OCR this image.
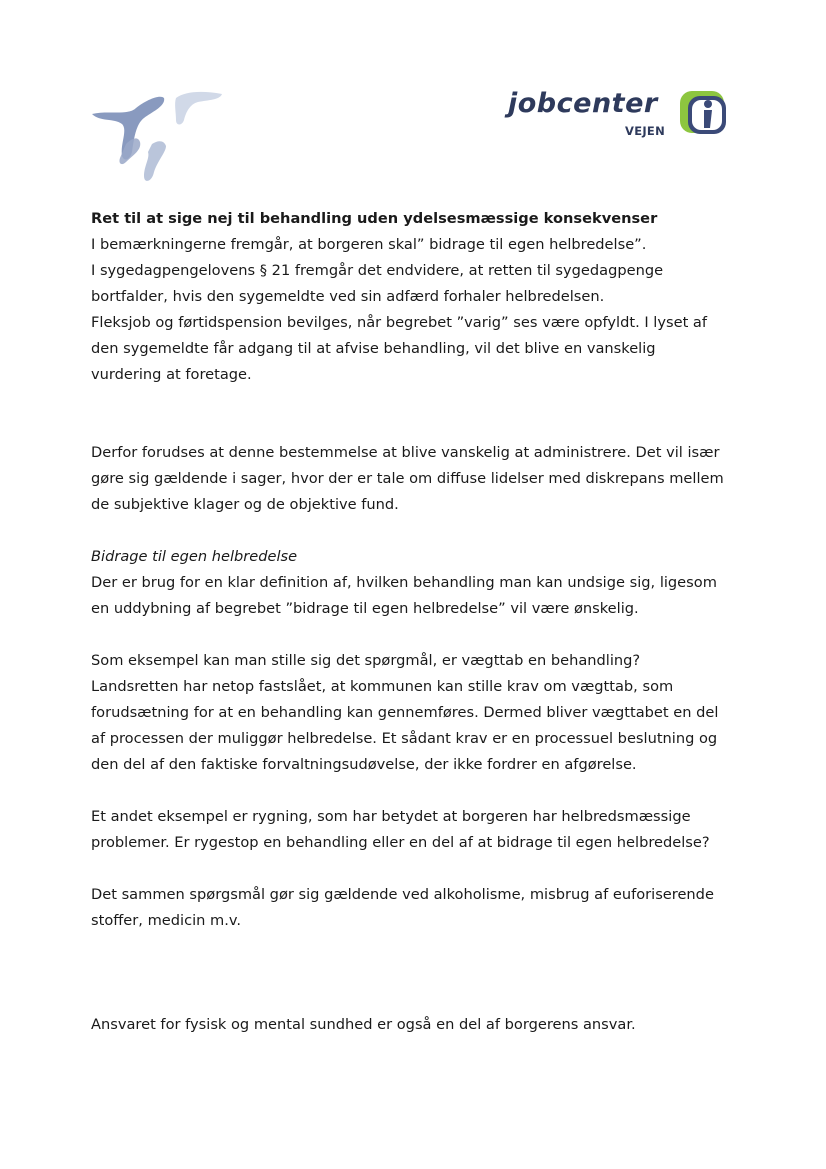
jobcenter
VEJEN
Ret til at sige nej til behandling uden ydelsesmæssige konsekvenser
I bemærkningerne fremgår, at borgeren skal” bidrage til egen helbredelse”.
I sygedagpengelovens § 21 fremgår det endvidere, at retten til sygedagpenge
bortfalder, hvis den sygemeldte ved sin adfærd forhaler helbredelsen.
Fleksjob og førtidspension bevilges, når begrebet ”varig” ses være opfyldt. I lyset af
den sygemeldte får adgang til at afvise behandling, vil det blive en vanskelig
vurdering at foretage.
Derfor forudses at denne bestemmelse at blive vanskelig at administrere. Det vil især
gøre sig gældende i sager, hvor der er tale om diffuse lidelser med diskrepans mellem
de subjektive klager og de objektive fund.
Bidrage til egen helbredelse
Der er brug for en klar definition af, hvilken behandling man kan undsige sig, ligesom
en uddybning af begrebet ”bidrage til egen helbredelse” vil være ønskelig.
Som eksempel kan man stille sig det spørgmål, er vægttab en behandling?
Landsretten har netop fastslået, at kommunen kan stille krav om vægttab, som
forudsætning for at en behandling kan gennemføres. Dermed bliver vægttabet en del
af processen der muliggør helbredelse. Et sådant krav er en processuel beslutning og
den del af den faktiske forvaltningsudøvelse, der ikke fordrer en afgørelse.
Et andet eksempel er rygning, som har betydet at borgeren har helbredsmæssige
problemer. Er rygestop en behandling eller en del af at bidrage til egen helbredelse?
Det sammen spørgsmål gør sig gældende ved alkoholisme, misbrug af euforiserende
stoffer, medicin m.v.
Ansvaret for fysisk og mental sundhed er også en del af borgerens ansvar.
